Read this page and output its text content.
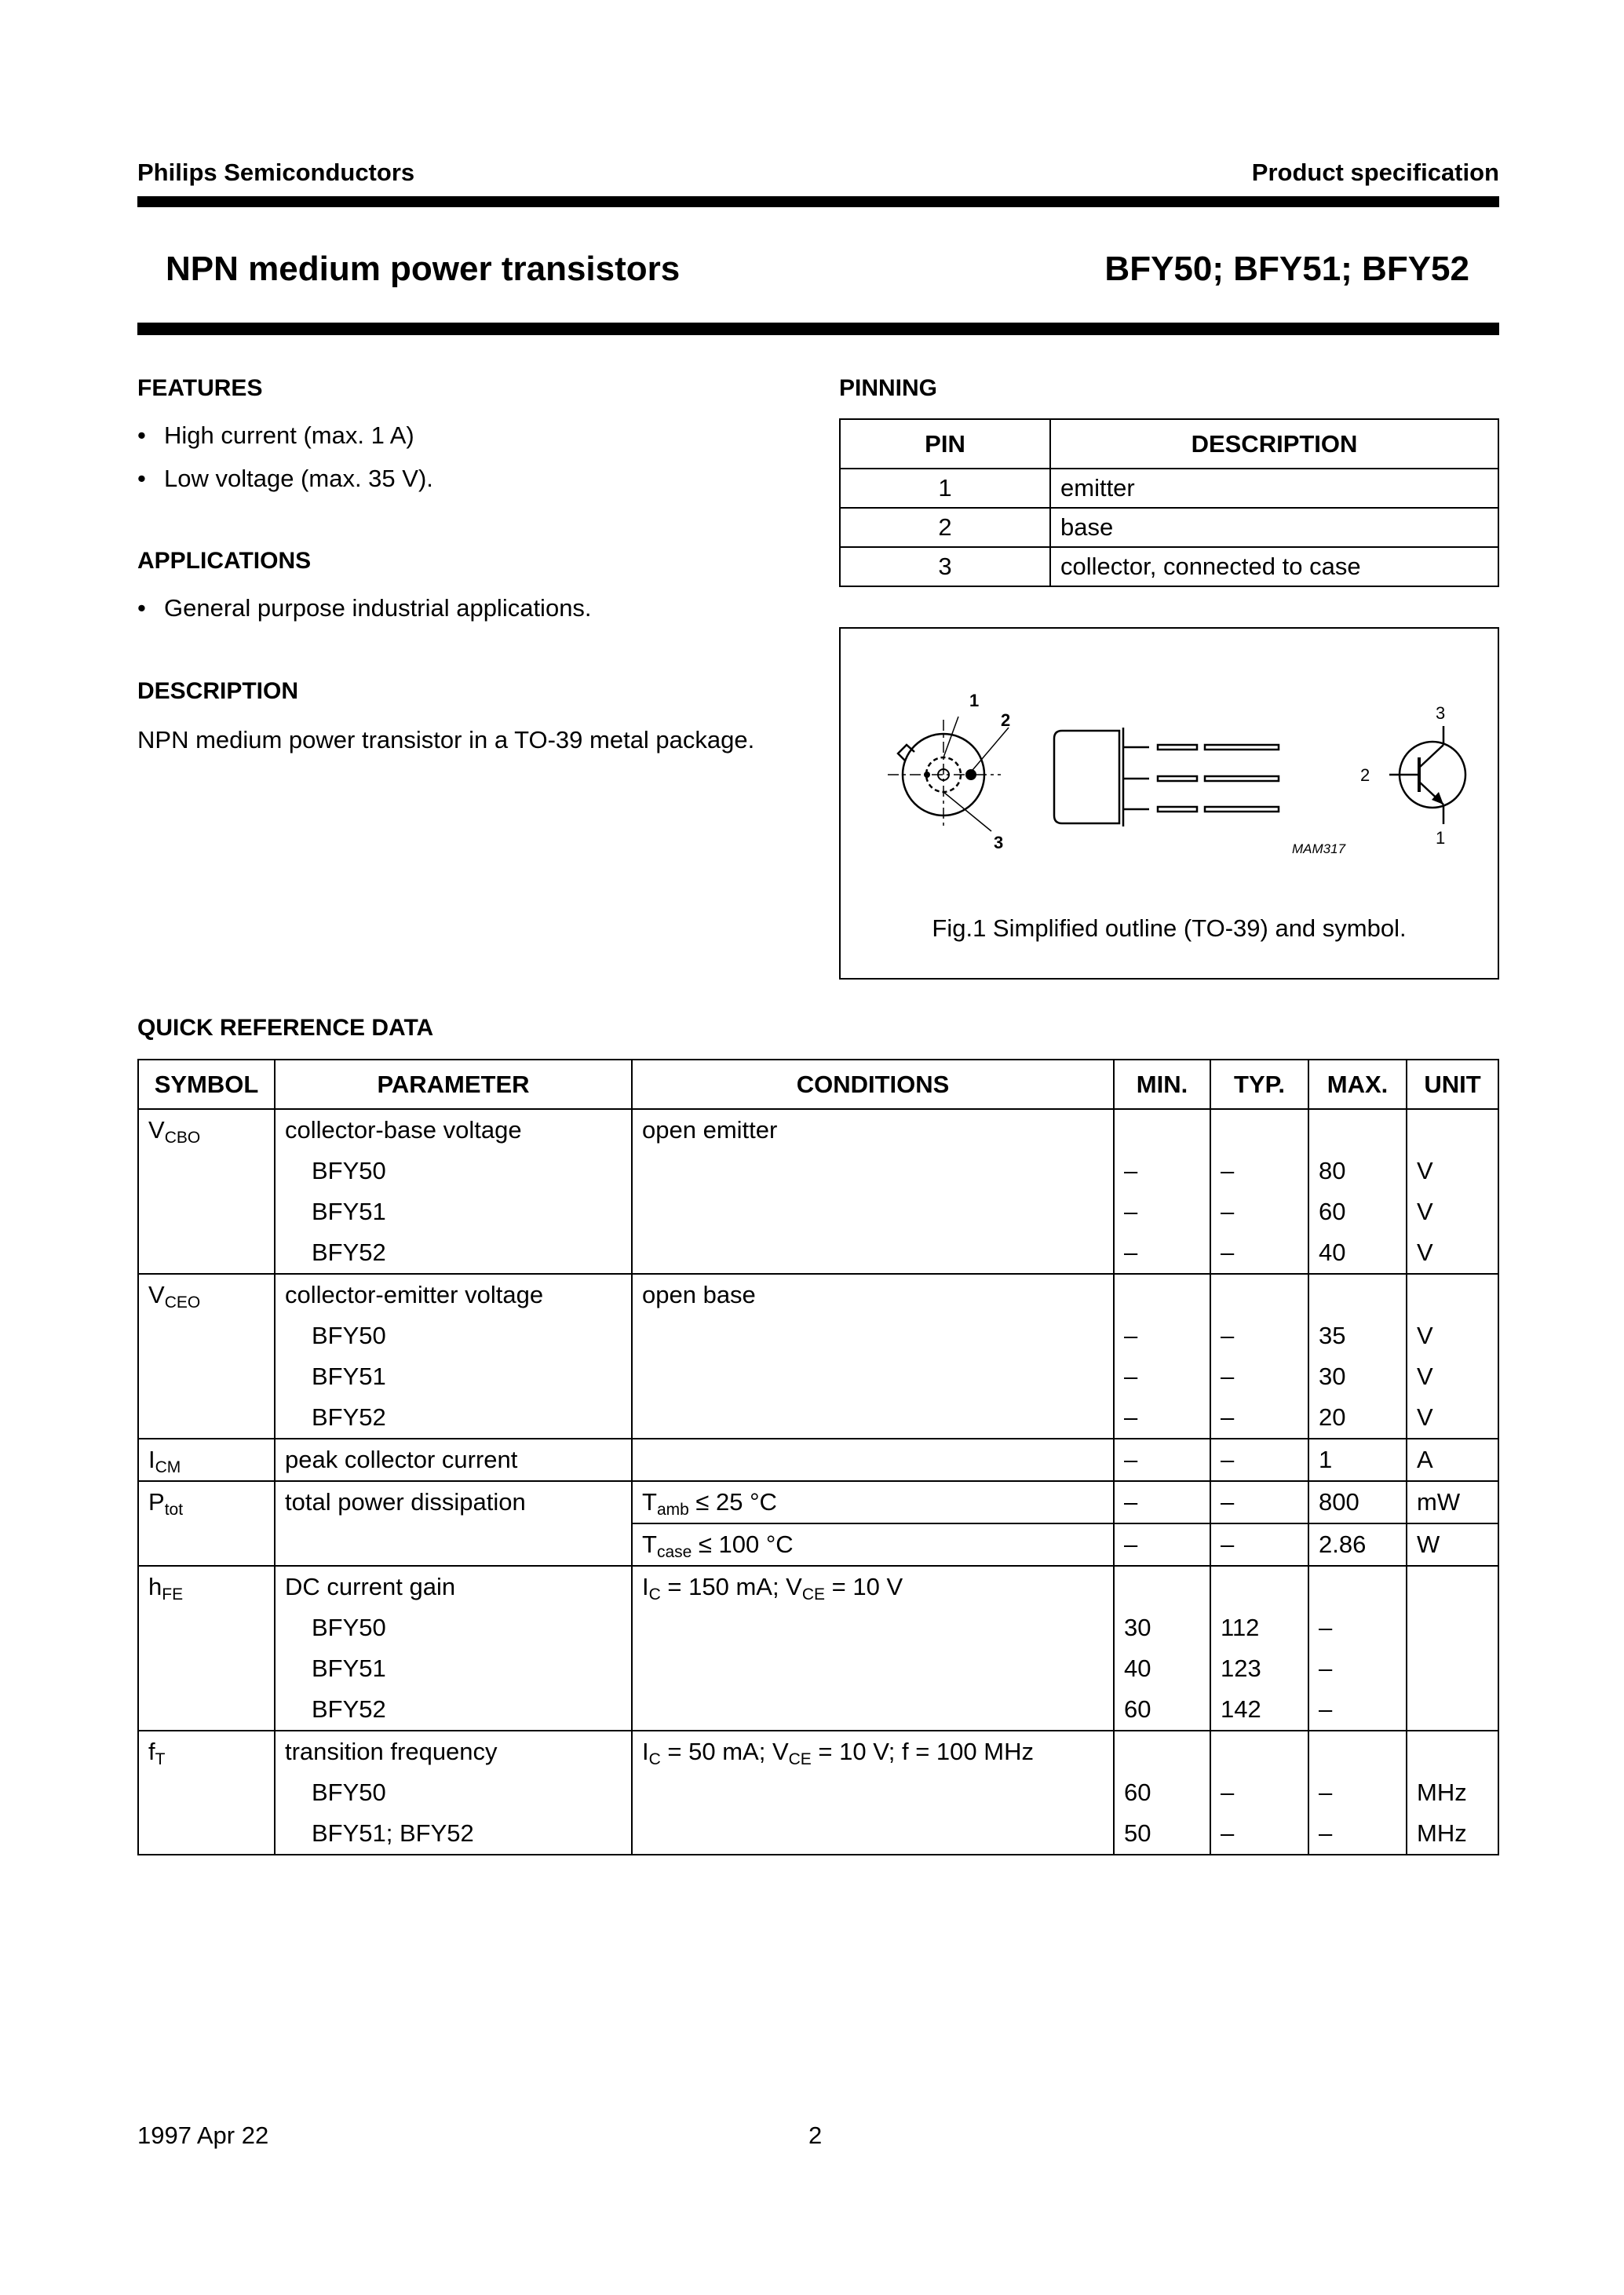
Philips Semiconductors	Product specification
NPN medium power transistors	BFY50; BFY51; BFY52
FEATURES
• High current (max. 1 A)
• Low voltage (max. 35 V).
APPLICATIONS
• General purpose industrial applications.
DESCRIPTION
NPN medium power transistor in a TO-39 metal package.
PINNING
PIN	DESCRIPTION
1	emitter
2	base
3	collector, connected to case
1
2
3
3
2
1
MAM317
Fig.1 Simplified outline (TO-39) and symbol.
QUICK REFERENCE DATA
SYMBOL	PARAMETER	CONDITIONS	MIN.	TYP.	MAX.	UNIT
$V_{CBO}$	collector-base voltage	open emitter				
	BFY50		–	–	80	V
	BFY51		–	–	60	V
	BFY52		–	–	40	V
$V_{CEO}$	collector-emitter voltage	open base				
	BFY50		–	–	35	V
	BFY51		–	–	30	V
	BFY52		–	–	20	V
$I_{CM}$	peak collector current		–	–	1	A
$P_{tot}$	total power dissipation	$T_{amb} \le 25$ °C	–	–	800	mW
		$T_{case} \le 100$ °C	–	–	2.86	W
$h_{FE}$	DC current gain	$I_C = 150$ mA; $V_{CE} = 10$ V				
	BFY50		30	112	–	
	BFY51		40	123	–	
	BFY52		60	142	–	
$f_T$	transition frequency	$I_C = 50$ mA; $V_{CE} = 10$ V; f = 100 MHz				
	BFY50		60	–	–	MHz
	BFY51; BFY52		50	–	–	MHz
1997 Apr 22	2
